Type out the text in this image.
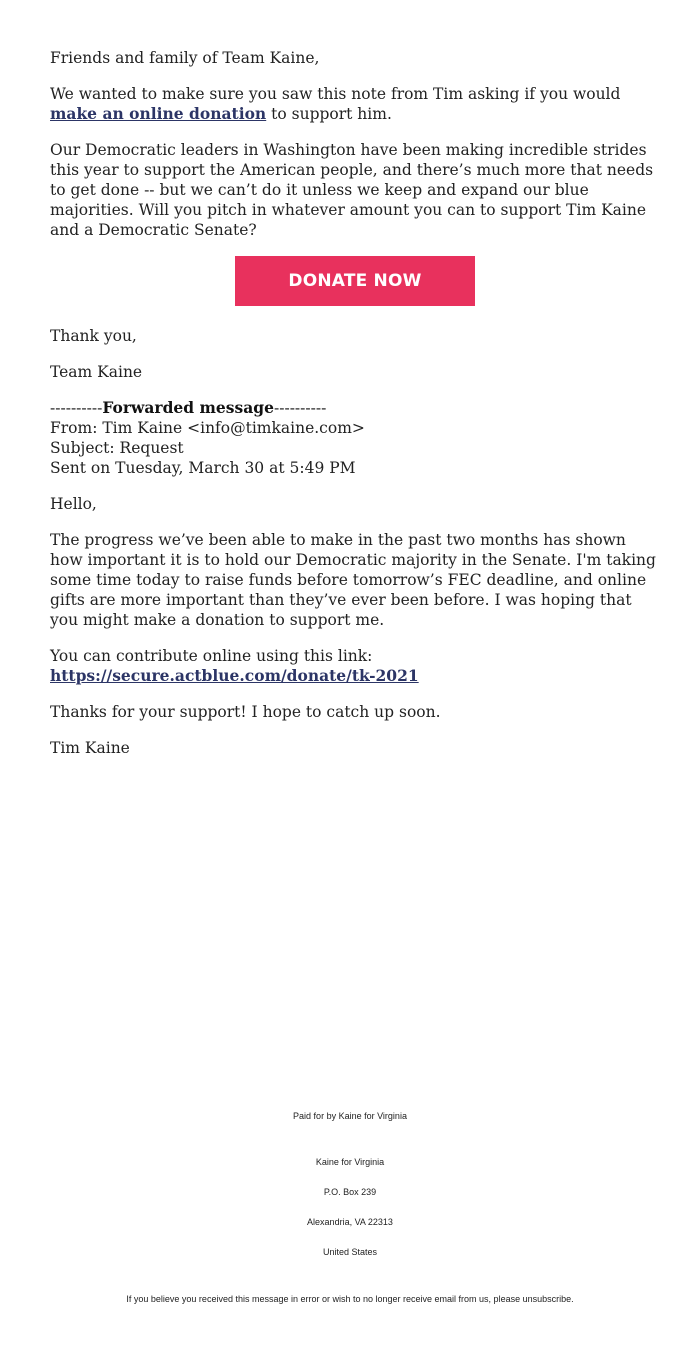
Friends and family of Team Kaine,

We wanted to make sure you saw this note from Tim asking if you would make an online donation to support him.

Our Democratic leaders in Washington have been making incredible strides this year to support the American people, and there’s much more that needs to get done -- but we can’t do it unless we keep and expand our blue majorities. Will you pitch in whatever amount you can to support Tim Kaine and a Democratic Senate?

DONATE NOW

Thank you,

Team Kaine

----------Forwarded message----------

From: Tim Kaine <info@timkaine.com>

Subject: Request

Sent on Tuesday, March 30 at 5:49 PM

Hello,

The progress we’ve been able to make in the past two months has shown how important it is to hold our Democratic majority in the Senate. I'm taking some time today to raise funds before tomorrow’s FEC deadline, and online gifts are more important than they’ve ever been before. I was hoping that you might make a donation to support me.

You can contribute online using this link:

https://secure.actblue.com/donate/tk-2021

Thanks for your support! I hope to catch up soon.

Tim Kaine

Paid for by Kaine for Virginia
Kaine for Virginia
P.O. Box 239
Alexandria, VA 22313
United States
If you believe you received this message in error or wish to no longer receive email from us, please unsubscribe.
